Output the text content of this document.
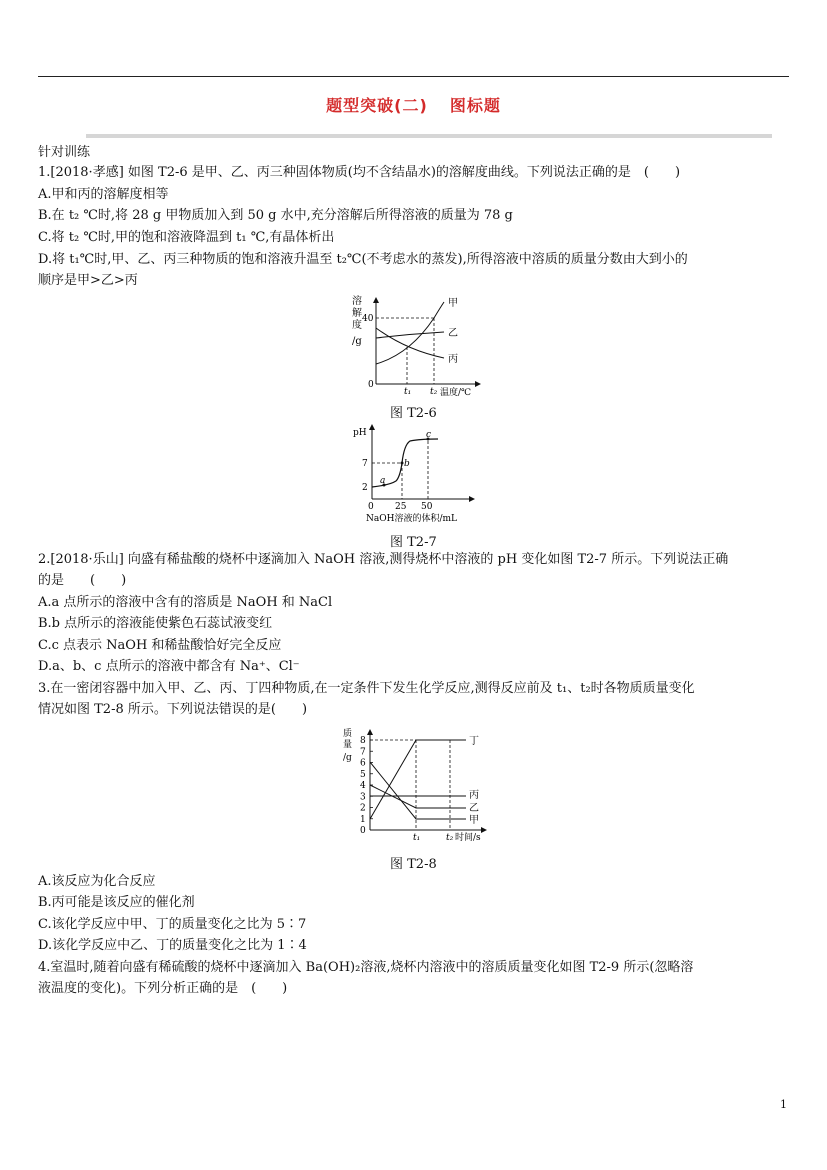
题型突破(二) 图标题
针对训练
1.[2018·孝感] 如图 T2-6 是甲、乙、丙三种固体物质(均不含结晶水)的溶解度曲线。下列说法正确的是　(　　)
A.甲和丙的溶解度相等
B.在 t₂ ℃时,将 28 g 甲物质加入到 50 g 水中,充分溶解后所得溶液的质量为 78 g
C.将 t₂ ℃时,甲的饱和溶液降温到 t₁ ℃,有晶体析出
D.将 t₁℃时,甲、乙、丙三种物质的饱和溶液升温至 t₂℃(不考虑水的蒸发),所得溶液中溶质的质量分数由大到小的
顺序是甲>乙>丙
溶
解
度
/g
40
0
甲
乙
丙
t₁ t₂ 温度/℃
图 T2-6
pH
7
2
0 25 50
NaOH溶液的体积/mL
a
b
c
图 T2-7
2.[2018·乐山] 向盛有稀盐酸的烧杯中逐滴加入 NaOH 溶液,测得烧杯中溶液的 pH 变化如图 T2-7 所示。下列说法正确
的是　　(　　)
A.a 点所示的溶液中含有的溶质是 NaOH 和 NaCl
B.b 点所示的溶液能使紫色石蕊试液变红
C.c 点表示 NaOH 和稀盐酸恰好完全反应
D.a、b、c 点所示的溶液中都含有 Na⁺、Cl⁻
3.在一密闭容器中加入甲、乙、丙、丁四种物质,在一定条件下发生化学反应,测得反应前及 t₁、t₂时各物质质量变化
情况如图 T2-8 所示。下列说法错误的是(　　)
质
量
/g
0
1
2
3
4
5
6
7
8	丁
丙
乙
甲
t₁	t₂ 时间/s
图 T2-8
A.该反应为化合反应
B.丙可能是该反应的催化剂
C.该化学反应中甲、丁的质量变化之比为 5∶7
D.该化学反应中乙、丁的质量变化之比为 1∶4
4.室温时,随着向盛有稀硫酸的烧杯中逐滴加入 Ba(OH)₂溶液,烧杯内溶液中的溶质质量变化如图 T2-9 所示(忽略溶
液温度的变化)。下列分析正确的是　(　　)
1
